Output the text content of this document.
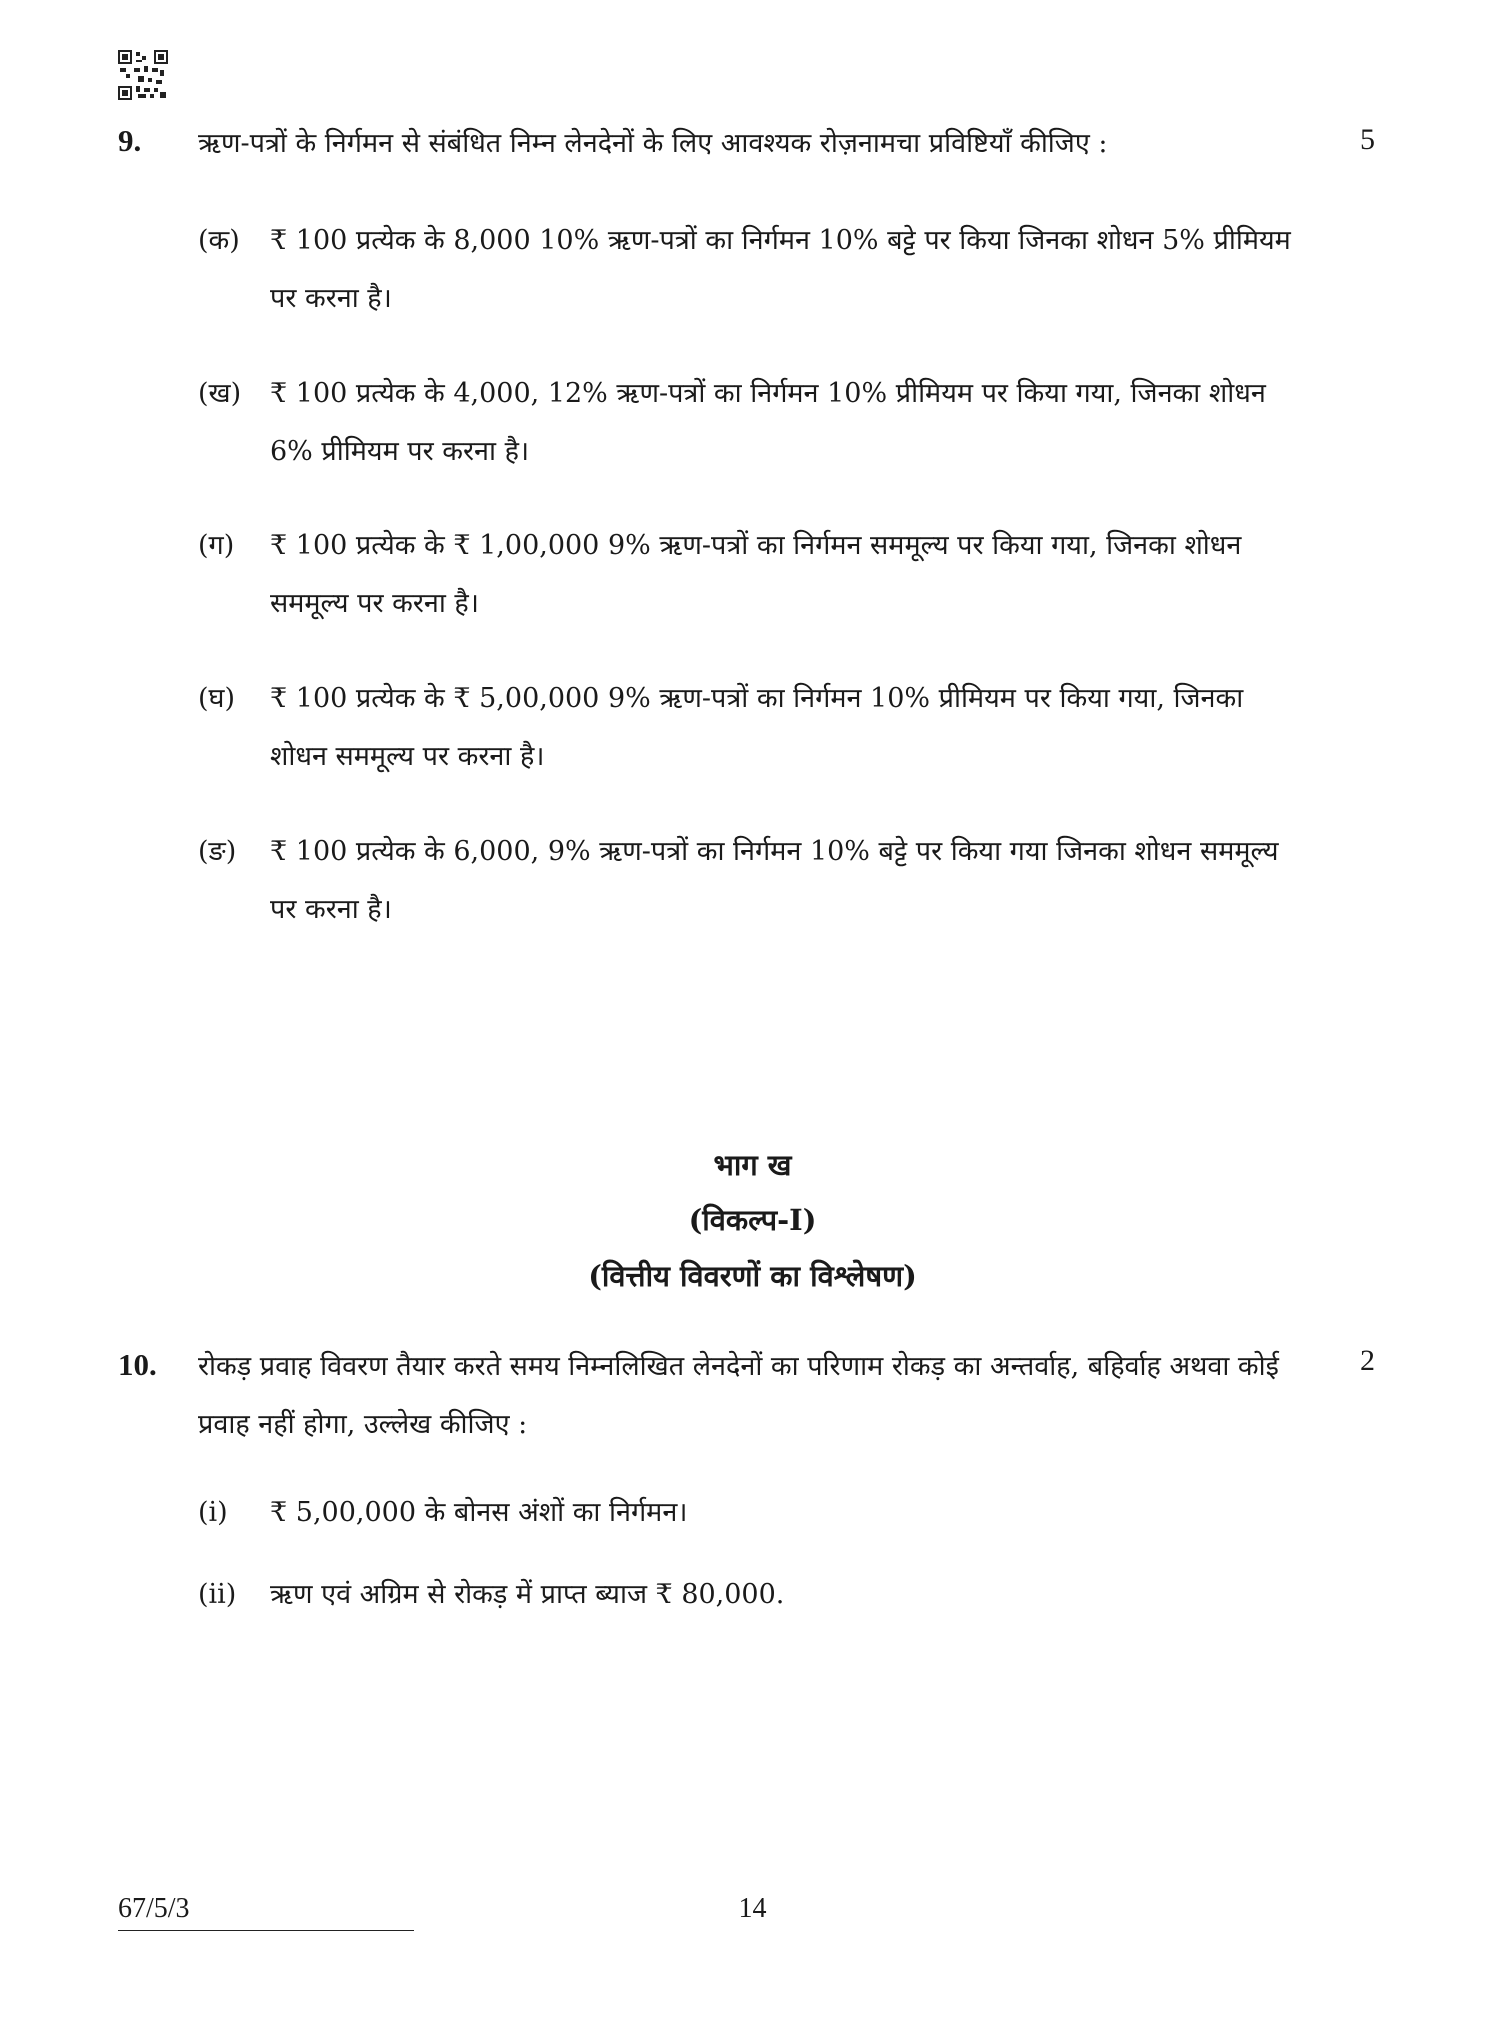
9. ऋण-पत्रों के निर्गमन से संबंधित निम्न लेनदेनों के लिए आवश्यक रोज़नामचा प्रविष्टियाँ कीजिए :	5
(क) ₹ 100 प्रत्येक के 8,000 10% ऋण-पत्रों का निर्गमन 10% बट्टे पर किया जिनका शोधन 5% प्रीमियम पर करना है।
(ख) ₹ 100 प्रत्येक के 4,000, 12% ऋण-पत्रों का निर्गमन 10% प्रीमियम पर किया गया, जिनका शोधन 6% प्रीमियम पर करना है।
(ग) ₹ 100 प्रत्येक के ₹ 1,00,000 9% ऋण-पत्रों का निर्गमन सममूल्य पर किया गया, जिनका शोधन सममूल्य पर करना है।
(घ) ₹ 100 प्रत्येक के ₹ 5,00,000 9% ऋण-पत्रों का निर्गमन 10% प्रीमियम पर किया गया, जिनका शोधन सममूल्य पर करना है।
(ङ) ₹ 100 प्रत्येक के 6,000, 9% ऋण-पत्रों का निर्गमन 10% बट्टे पर किया गया जिनका शोधन सममूल्य पर करना है।
भाग ख
(विकल्प-I)
(वित्तीय विवरणों का विश्लेषण)
10. रोकड़ प्रवाह विवरण तैयार करते समय निम्नलिखित लेनदेनों का परिणाम रोकड़ का अन्तर्वाह, बहिर्वाह अथवा कोई प्रवाह नहीं होगा, उल्लेख कीजिए :
2
(i) ₹ 5,00,000 के बोनस अंशों का निर्गमन।
(ii) ऋण एवं अग्रिम से रोकड़ में प्राप्त ब्याज ₹ 80,000.
67/5/3	14
